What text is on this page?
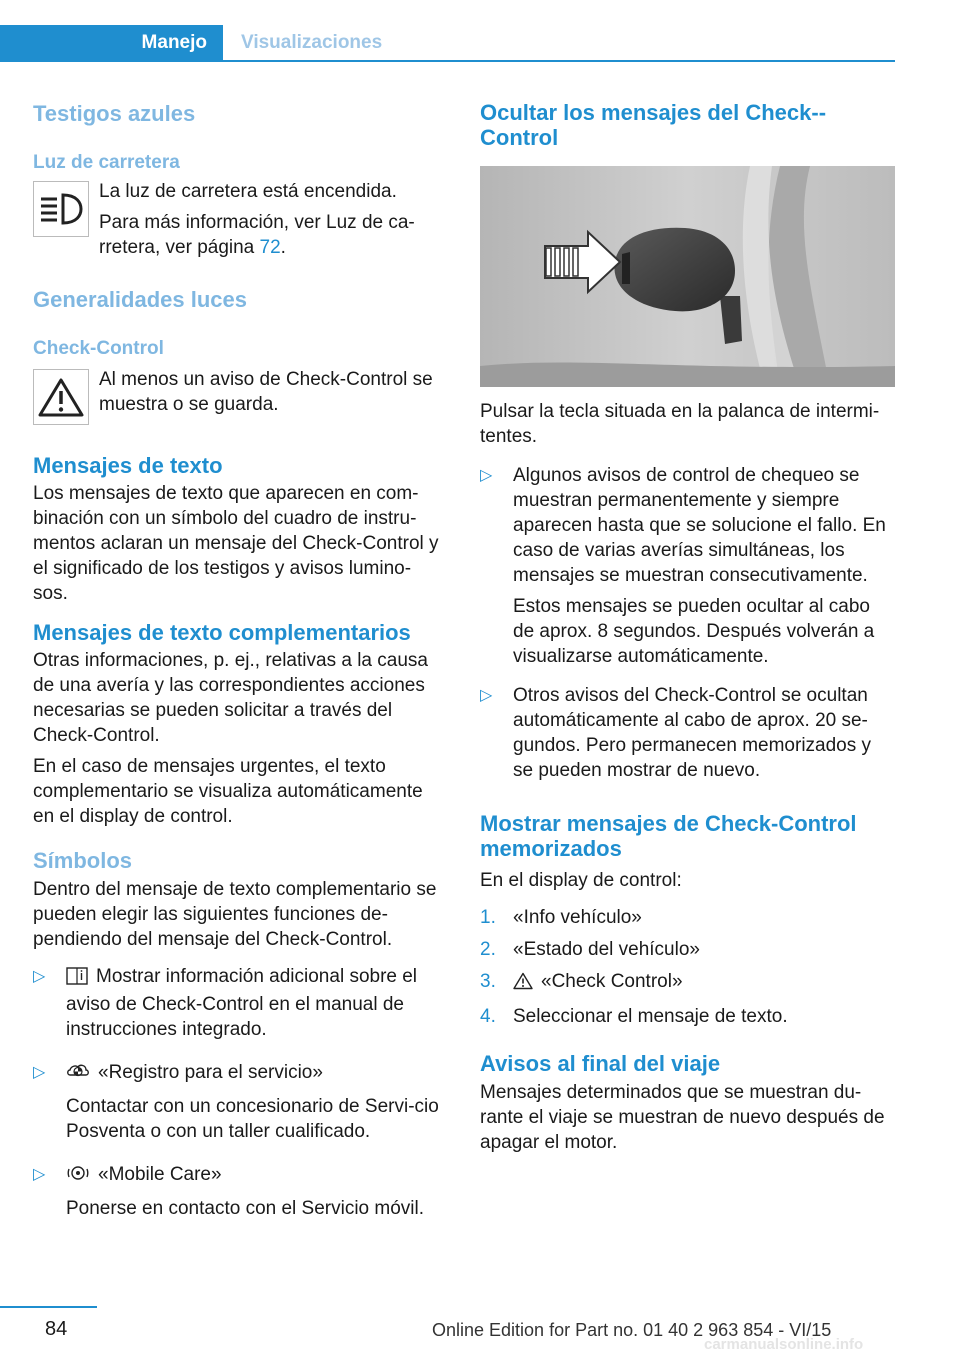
Manejo	Visualizaciones
Testigos azules
Luz de carretera
La luz de carretera está encendida.
Para más información, ver Luz de ca‐rretera, ver página 72.
Generalidades luces
Check-Control
Al menos un aviso de Check-Control se muestra o se guarda.
Mensajes de texto
Los mensajes de texto que aparecen en com‐binación con un símbolo del cuadro de instru‐mentos aclaran un mensaje del Check-Control y el significado de los testigos y avisos lumino‐sos.
Mensajes de texto complementarios
Otras informaciones, p. ej., relativas a la causa de una avería y las correspondientes acciones necesarias se pueden solicitar a través del Check-Control.
En el caso de mensajes urgentes, el texto complementario se visualiza automáticamente en el display de control.
Símbolos
Dentro del mensaje de texto complementario se pueden elegir las siguientes funciones de‐pendiendo del mensaje del Check-Control.
▷	Mostrar información adicional sobre el aviso de Check-Control en el manual de instrucciones integrado.
▷	«Registro para el servicio»
Contactar con un concesionario de Servi‐cio Posventa o con un taller cualificado.
▷	«Mobile Care»
Ponerse en contacto con el Servicio móvil.
Ocultar los mensajes del Check-‐Control
Pulsar la tecla situada en la palanca de intermi‐tentes.
▷	Algunos avisos de control de chequeo se muestran permanentemente y siempre aparecen hasta que se solucione el fallo. En caso de varias averías simultáneas, los mensajes se muestran consecutivamente.
Estos mensajes se pueden ocultar al cabo de aprox. 8 segundos. Después volverán a visualizarse automáticamente.
▷	Otros avisos del Check-Control se ocultan automáticamente al cabo de aprox. 20 se‐gundos. Pero permanecen memorizados y se pueden mostrar de nuevo.
Mostrar mensajes de Check-Control memorizados
En el display de control:
1. «Info vehículo»
2. «Estado del vehículo»
3.	«Check Control»
4. Seleccionar el mensaje de texto.
Avisos al final del viaje
Mensajes determinados que se muestran du‐rante el viaje se muestran de nuevo después de apagar el motor.
84	Online Edition for Part no. 01 40 2 963 854 - VI/15
carmanualsonline.info
